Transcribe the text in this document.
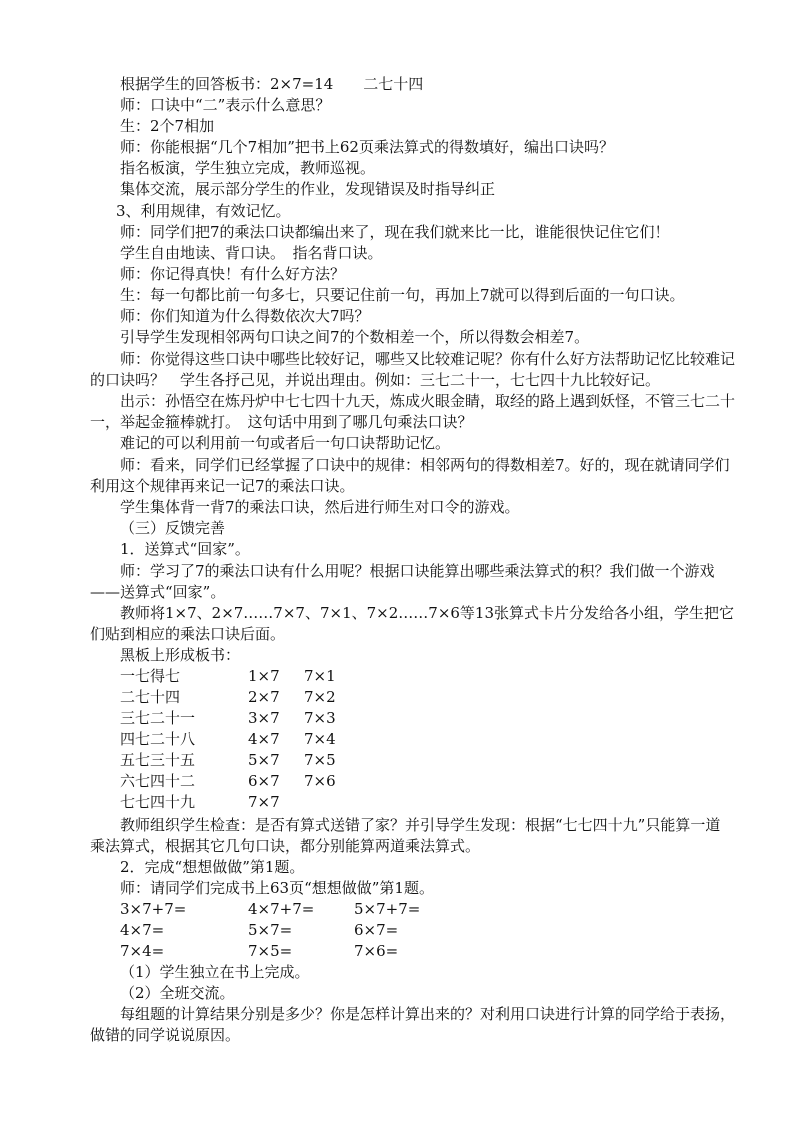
根据学生的回答板书：2×7=14　　二七十四
师：口诀中“二”表示什么意思？
生：2个7相加
师：你能根据“几个7相加”把书上62页乘法算式的得数填好，编出口诀吗？
指名板演，学生独立完成，教师巡视。
集体交流，展示部分学生的作业，发现错误及时指导纠正
3、利用规律，有效记忆。
师：同学们把7的乘法口诀都编出来了，现在我们就来比一比，谁能很快记住它们！
学生自由地读、背口诀。　指名背口诀。
师：你记得真快！有什么好方法？
生：每一句都比前一句多七，只要记住前一句，再加上7就可以得到后面的一句口诀。
师：你们知道为什么得数依次大7吗？
引导学生发现相邻两句口诀之间7的个数相差一个，所以得数会相差7。
师：你觉得这些口诀中哪些比较好记，哪些又比较难记呢？你有什么好方法帮助记忆比较难记
的口诀吗？　学生各抒己见，并说出理由。例如：三七二十一，七七四十九比较好记。
出示：孙悟空在炼丹炉中七七四十九天，炼成火眼金睛，取经的路上遇到妖怪，不管三七二十
一，举起金箍棒就打。　这句话中用到了哪几句乘法口诀？
难记的可以利用前一句或者后一句口诀帮助记忆。
师：看来，同学们已经掌握了口诀中的规律：相邻两句的得数相差7。好的，现在就请同学们
利用这个规律再来记一记7的乘法口诀。
学生集体背一背7的乘法口诀，然后进行师生对口令的游戏。
（三）反馈完善
1．送算式“回家”。
师：学习了7的乘法口诀有什么用呢？根据口诀能算出哪些乘法算式的积？我们做一个游戏
——送算式“回家”。
教师将1×7、2×7……7×7、7×1、7×2……7×6等13张算式卡片分发给各小组，学生把它
们贴到相应的乘法口诀后面。
黑板上形成板书：
一七得七	1×7 7×1
二七十四	2×7 7×2
三七二十一	3×7 7×3
四七二十八	4×7 7×4
五七三十五	5×7 7×5
六七四十二	6×7 7×6
七七四十九	7×7
教师组织学生检查：是否有算式送错了家？并引导学生发现：根据“七七四十九”只能算一道
乘法算式，根据其它几句口诀，都分别能算两道乘法算式。
2．完成“想想做做”第1题。
师：请同学们完成书上63页“想想做做”第1题。
3×7+7=	4×7+7=	5×7+7=
4×7=	5×7=	6×7=
7×4=	7×5=	7×6=
（1）学生独立在书上完成。
（2）全班交流。
每组题的计算结果分别是多少？你是怎样计算出来的？对利用口诀进行计算的同学给于表扬，
做错的同学说说原因。
